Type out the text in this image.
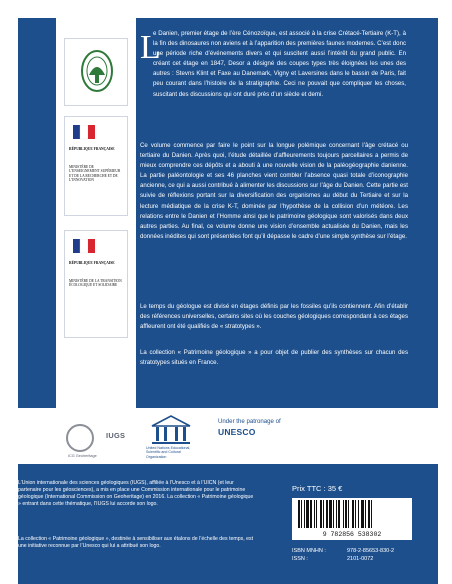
RÉPUBLIQUE FRANÇAISE
MINISTÈRE DE L’ENSEIGNEMENT SUPÉRIEUR ET DE LA RECHERCHE ET DE L’INNOVATION
RÉPUBLIQUE FRANÇAISE
MINISTÈRE DE LA TRANSITION ÉCOLOGIQUE ET SOLIDAIRE
L

e Danien, premier étage de l’ère Cénozoïque, est associé à la crise Crétacé-Tertiaire (K-T), à la fin des dinosaures non aviens et à l’apparition des premières faunes modernes. C’est donc une période riche d’événements divers et qui suscitent aussi l’intérêt du grand public. En créant cet étage en 1847, Desor a désigné des coupes types très éloignées les unes des autres : Stevns Klint et Faxe au Danemark, Vigny et Laversines dans le bassin de Paris, fait peu courant dans l’histoire de la stratigraphie. Ceci ne pouvait que compliquer les choses, suscitant des discussions qui ont duré près d’un siècle et demi.

Ce volume commence par faire le point sur la longue polémique concernant l’âge crétacé ou tertiaire du Danien. Après quoi, l’étude détaillée d’affleurements toujours parcellaires a permis de mieux comprendre ces dépôts et a abouti à une nouvelle vision de la paléogéographie danienne. La partie paléontologie et ses 46 planches vient combler l’absence quasi totale d’iconographie ancienne, ce qui a aussi contribué à alimenter les discussions sur l’âge du Danien. Cette partie est suivie de réflexions portant sur la diversification des organismes au début du Tertiaire et sur la lecture médiatique de la crise K-T, dominée par l’hypothèse de la collision d’un météore. Les relations entre le Danien et l’Homme ainsi que le patrimoine géologique sont valorisés dans deux autres parties. Au final, ce volume donne une vision d’ensemble actualisée du Danien, mais les données inédites qui sont présentées font qu’il dépasse le cadre d’une simple synthèse sur l’étage.

Le temps du géologue est divisé en étages définis par les fossiles qu’ils contiennent. Afin d’établir des références universelles, certains sites où les couches géologiques correspondant à ces étages affleurent ont été qualifiés de « stratotypes ».

La collection « Patrimoine géologique » a pour objet de publier des synthèses sur chacun des stratotypes situés en France.

IUGS
ICG Geoheritage
United Nations Educational, Scientific and Cultural Organization
Under the patronage of
UNESCO

L’Union internationale des sciences géologiques (IUGS), affiliée à l’Unesco et à l’UICN (et leur partenaire pour les géosciences), a mis en place une Commission internationale pour le patrimoine géologique (International Commission on Geoheritage) en 2016. La collection « Patrimoine géologique » entrant dans cette thématique, l’IUGS lui accorde son logo.

La collection « Patrimoine géologique », destinée à sensibiliser aux étalons de l’échelle des temps, est une initiative reconnue par l’Unesco qui lui a attribué son logo.

Prix TTC : 35 €
9 782856 538302
ISBN MNHN :	978-2-85653-830-2
ISSN :	2101-0072
